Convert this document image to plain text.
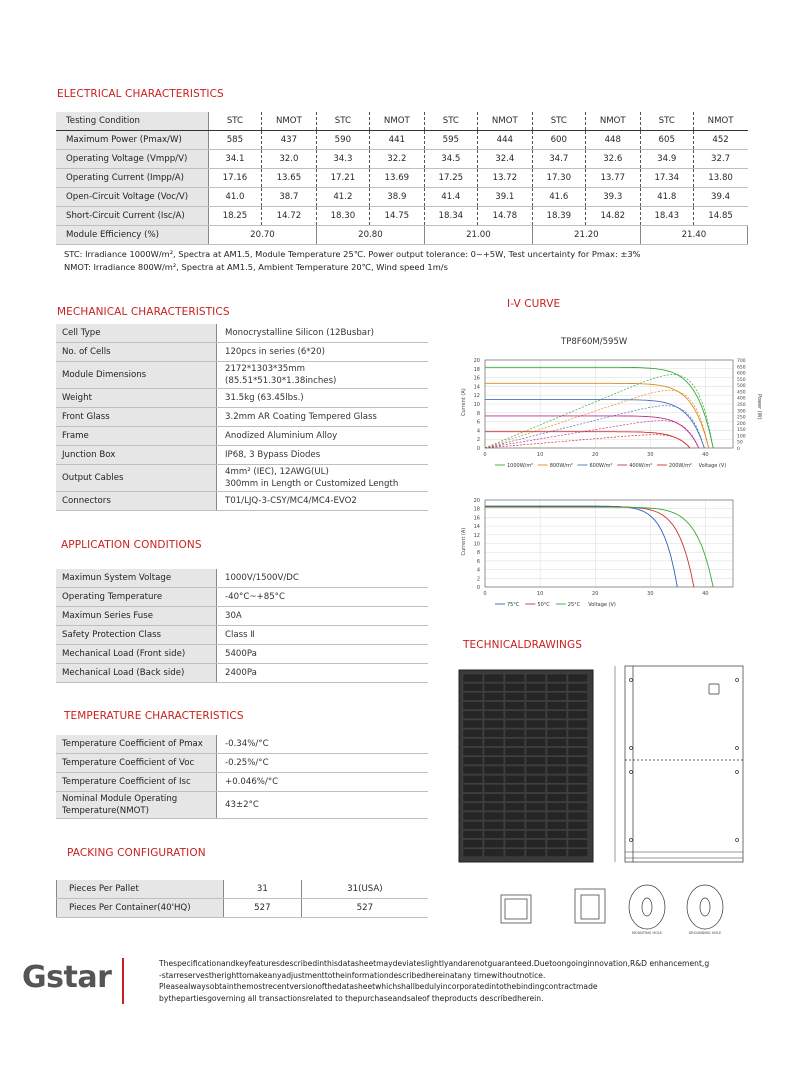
ELECTRICAL CHARACTERISTICS
Testing Condition	STC	NMOT	STC	NMOT	STC	NMOT	STC	NMOT	STC	NMOT
Maximum Power (Pmax/W)	585	437	590	441	595	444	600	448	605	452
Operating Voltage (Vmpp/V)	34.1	32.0	34.3	32.2	34.5	32.4	34.7	32.6	34.9	32.7
Operating Current (Impp/A)	17.16	13.65	17.21	13.69	17.25	13.72	17.30	13.77	17.34	13.80
Open-Circuit Voltage (Voc/V)	41.0	38.7	41.2	38.9	41.4	39.1	41.6	39.3	41.8	39.4
Short-Circuit Current (Isc/A)	18.25	14.72	18.30	14.75	18.34	14.78	18.39	14.82	18.43	14.85
Module Efficiency (%)	20.70		20.80		21.00		21.20		21.40	
STC: Irradiance 1000W/m², Spectra at AM1.5, Module Temperature 25℃. Power output tolerance: 0~+5W, Test uncertainty for Pmax: ±3%
NMOT: Irradiance 800W/m², Spectra at AM1.5, Ambient Temperature 20℃, Wind speed 1m/s
MECHANICAL CHARACTERISTICS
Cell Type	Monocrystalline Silicon (12Busbar)
No. of Cells	120pcs in series (6*20)
Module Dimensions	2172*1303*35mm
(85.51*51.30*1.38inches)
Weight	31.5kg (63.45lbs.)
Front Glass	3.2mm AR Coating Tempered Glass
Frame	Anodized Aluminium Alloy
Junction Box	IP68, 3 Bypass Diodes
Output Cables	4mm² (IEC), 12AWG(UL)
300mm in Length or Customized Length
Connectors	T01/LJQ-3-CSY/MC4/MC4-EVO2
APPLICATION CONDITIONS
Maximun System Voltage	1000V/1500V/DC
Operating Temperature	-40°C~+85°C
Maximun Series Fuse	30A
Safety Protection Class	Class Ⅱ
Mechanical Load (Front side)	5400Pa
Mechanical Load (Back side)	2400Pa
TEMPERATURE CHARACTERISTICS
Temperature Coefficient of Pmax	-0.34%/°C
Temperature Coefficient of Voc	-0.25%/°C
Temperature Coefficient of Isc	+0.046%/°C
Nominal Module Operating
Temperature(NMOT)	43±2°C
PACKING CONFIGURATION
Pieces Per Pallet	31	31(USA)
Pieces Per Container(40'HQ)	527	527
I-V CURVE
TP8F60M/595W
0
2
4
6
8
10
12
14
16
18
20
0	10	20	30	40
Current (A)
0
50
100
150
200
250
300
350
400
450
500
550
600
650
700
Power (W)
1000W/m²	800W/m²	600W/m²	400W/m²	200W/m² Voltage (V)
0
2
4
6
8
10
12
14
16
18
20
0	10	20	30	40
Current (A)
75°C	50°C	25°C Voltage (V)
TECHNICALDRAWINGS
MOUNTING HOLE	GROUNDING HOLE
Gstar	Thespecificationandkeyfeaturesdescribedinthisdatasheetmaydeviateslightlyandarenotguaranteed.Duetoongoinginnovation,R&D enhancement,g
-starreservestherighttomakeanyadjustmenttotheinformationdescribedhereinatany timewithoutnotice.
Pleasealwaysobtainthemostrecentversionofthedatasheetwhichshallbedulyincorporatedintothebindingcontractmade
bythepartiesgoverning all transactionsrelated to thepurchaseandsaleof theproducts describedherein.
